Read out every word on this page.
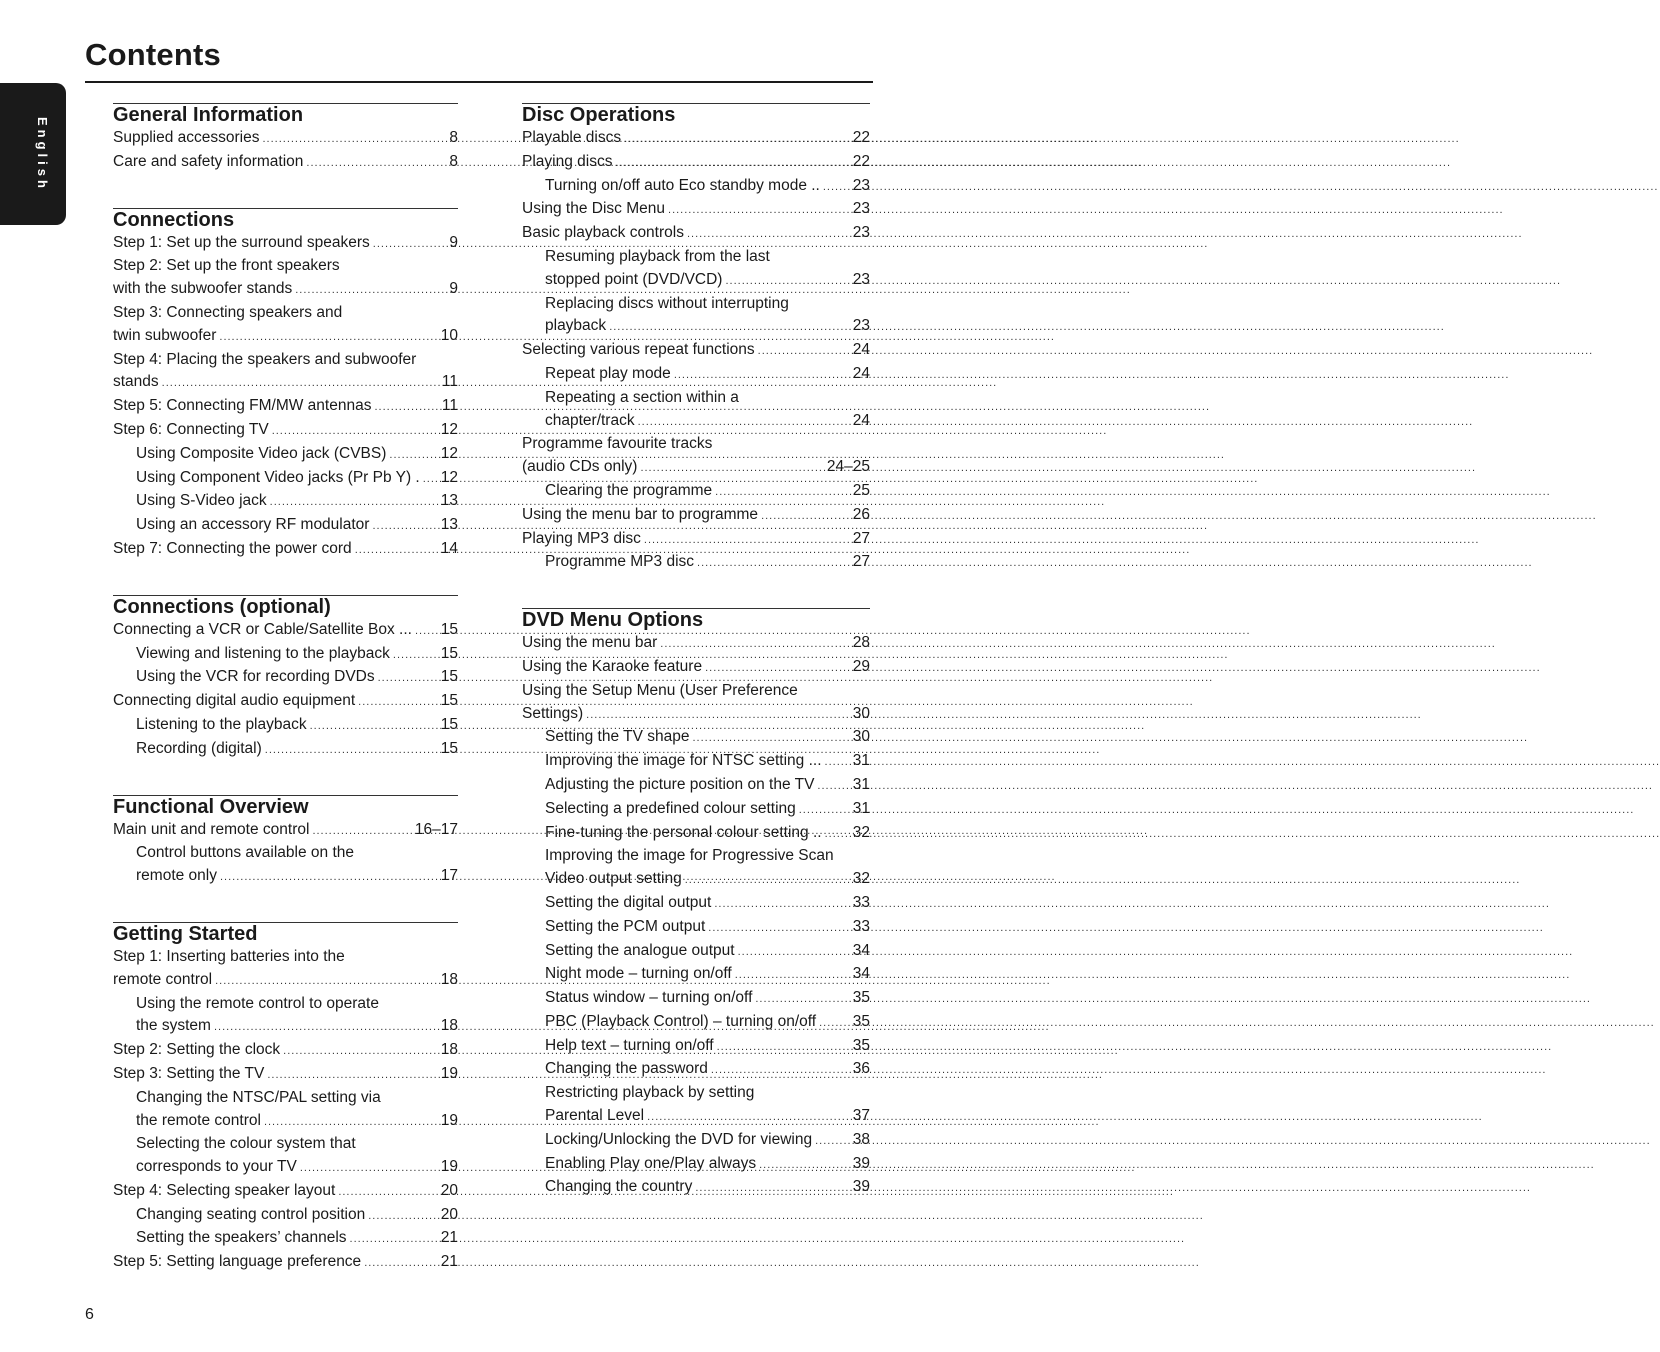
Contents
English
General Information
Supplied accessories .....	8
Care and safety information .....	8
Connections
Step 1: Set up the surround speakers .....	9
Step 2: Set up the front speakers
with the subwoofer stands .....	9
Step 3: Connecting speakers and
twin subwoofer .....	10
Step 4: Placing the speakers and subwoofer
stands .....	11
Step 5: Connecting FM/MW antennas .....	11
Step 6: Connecting TV .....	12
Using Composite Video jack (CVBS) .....	12
Using Component Video jacks (Pr Pb Y) . ..... 12
Using S-Video jack .....	13
Using an accessory RF modulator .....	13
Step 7: Connecting the power cord .....	14
Connections (optional)
Connecting a VCR or Cable/Satellite Box ... ..... 15
Viewing and listening to the playback .....	15
Using the VCR for recording DVDs .....	15
Connecting digital audio equipment .....	15
Listening to the playback .....	15
Recording (digital) .....	15
Functional Overview
Main unit and remote control .....	16–17
Control buttons available on the
remote only .....	17
Getting Started
Step 1: Inserting batteries into the
remote control .....	18
Using the remote control to operate
the system .....	18
Step 2: Setting the clock .....	18
Step 3: Setting the TV .....	19
Changing the NTSC/PAL setting via
the remote control .....	19
Selecting the colour system that
corresponds to your TV .....	19
Step 4: Selecting speaker layout .....	20
Changing seating control position .....	20
Setting the speakers’ channels .....	21
Step 5: Setting language preference .....	21
Disc Operations
Playable discs .....	22
Playing discs .....	22
Turning on/off auto Eco standby mode .. ..... 23
Using the Disc Menu .....	23
Basic playback controls .....	23
Resuming playback from the last
stopped point (DVD/VCD) .....	23
Replacing discs without interrupting
playback .....	23
Selecting various repeat functions .....	24
Repeat play mode .....	24
Repeating a section within a
chapter/track .....	24
Programme favourite tracks
(audio CDs only) .....	24–25
Clearing the programme .....	25
Using the menu bar to programme .....	26
Playing MP3 disc .....	27
Programme MP3 disc .....	27
DVD Menu Options
Using the menu bar .....	28
Using the Karaoke feature .....	29
Using the Setup Menu (User Preference
Settings) .....	30
Setting the TV shape .....	30
Improving the image for NTSC setting ... ..... 31
Adjusting the picture position on the TV ..... 31
Selecting a predefined colour setting .....	31
Fine-tuning the personal colour setting .. ..... 32
Improving the image for Progressive Scan
Video output setting .....	32
Setting the digital output .....	33
Setting the PCM output .....	33
Setting the analogue output .....	34
Night mode – turning on/off .....	34
Status window – turning on/off .....	35
PBC (Playback Control) – turning on/off ..... 35
Help text – turning on/off .....	35
Changing the password .....	36
Restricting playback by setting
Parental Level .....	37
Locking/Unlocking the DVD for viewing .....	38
Enabling Play one/Play always .....	39
Changing the country .....	39
6
